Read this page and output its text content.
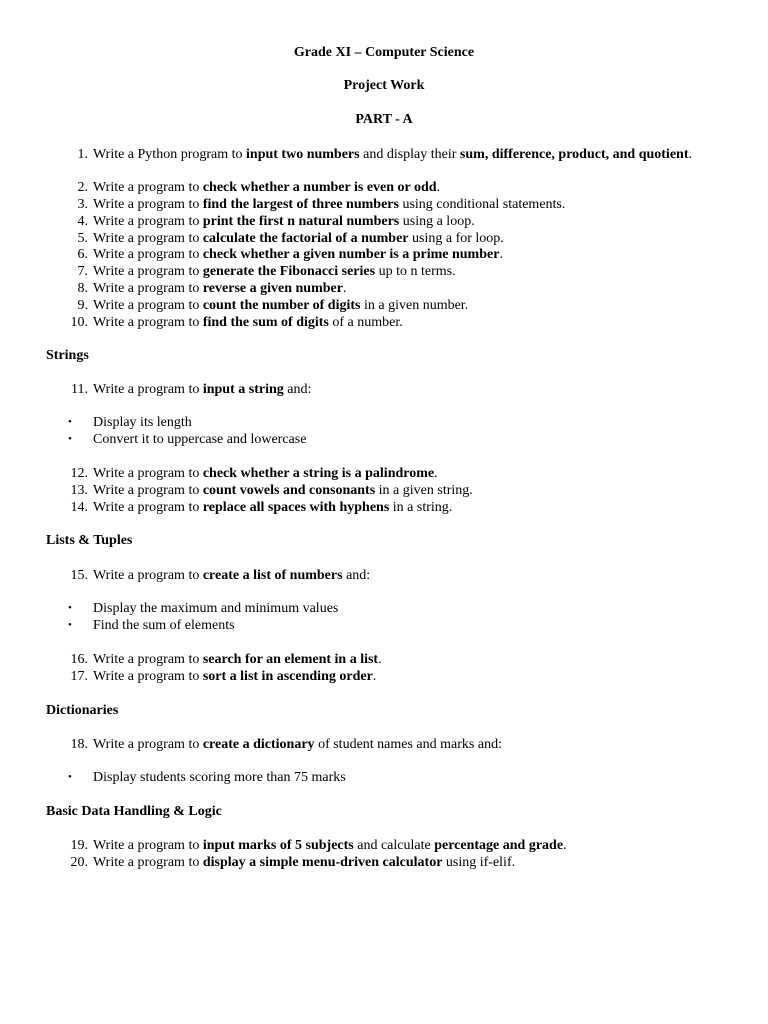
Grade XI – Computer Science
Project Work
PART - A
1. Write a Python program to input two numbers and display their sum, difference, product, and quotient.
2. Write a program to check whether a number is even or odd.
3. Write a program to find the largest of three numbers using conditional statements.
4. Write a program to print the first n natural numbers using a loop.
5. Write a program to calculate the factorial of a number using a for loop.
6. Write a program to check whether a given number is a prime number.
7. Write a program to generate the Fibonacci series up to n terms.
8. Write a program to reverse a given number.
9. Write a program to count the number of digits in a given number.
10. Write a program to find the sum of digits of a number.
Strings
11. Write a program to input a string and:
• Display its length
• Convert it to uppercase and lowercase
12. Write a program to check whether a string is a palindrome.
13. Write a program to count vowels and consonants in a given string.
14. Write a program to replace all spaces with hyphens in a string.
Lists & Tuples
15. Write a program to create a list of numbers and:
• Display the maximum and minimum values
• Find the sum of elements
16. Write a program to search for an element in a list.
17. Write a program to sort a list in ascending order.
Dictionaries
18. Write a program to create a dictionary of student names and marks and:
• Display students scoring more than 75 marks
Basic Data Handling & Logic
19. Write a program to input marks of 5 subjects and calculate percentage and grade.
20. Write a program to display a simple menu-driven calculator using if-elif.
